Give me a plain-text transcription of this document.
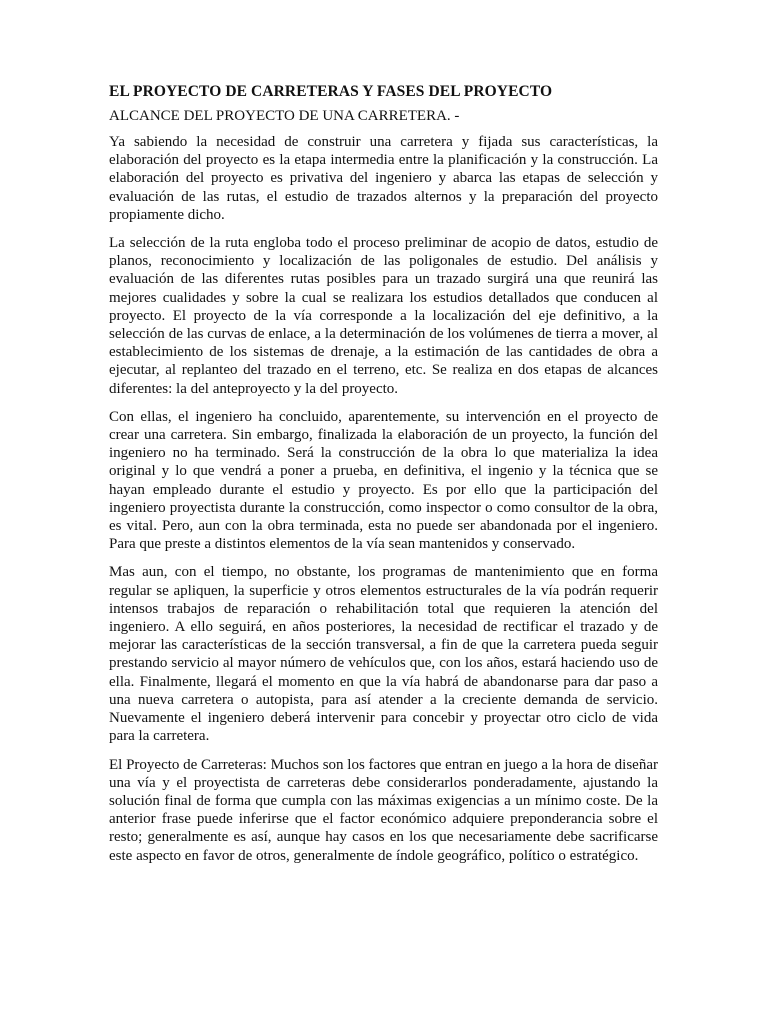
EL PROYECTO DE CARRETERAS Y FASES DEL PROYECTO
ALCANCE DEL PROYECTO DE UNA CARRETERA. -

Ya sabiendo la necesidad de construir una carretera y fijada sus características, la elaboración del proyecto es la etapa intermedia entre la planificación y la construcción. La elaboración del proyecto es privativa del ingeniero y abarca las etapas de selección y evaluación de las rutas, el estudio de trazados alternos y la preparación del proyecto propiamente dicho.

La selección de la ruta engloba todo el proceso preliminar de acopio de datos, estudio de planos, reconocimiento y localización de las poligonales de estudio. Del análisis y evaluación de las diferentes rutas posibles para un trazado surgirá una que reunirá las mejores cualidades y sobre la cual se realizara los estudios detallados que conducen al proyecto. El proyecto de la vía corresponde a la localización del eje definitivo, a la selección de las curvas de enlace, a la determinación de los volúmenes de tierra a mover, al establecimiento de los sistemas de drenaje, a la estimación de las cantidades de obra a ejecutar, al replanteo del trazado en el terreno, etc. Se realiza en dos etapas de alcances diferentes: la del anteproyecto y la del proyecto.

Con ellas, el ingeniero ha concluido, aparentemente, su intervención en el proyecto de crear una carretera. Sin embargo, finalizada la elaboración de un proyecto, la función del ingeniero no ha terminado. Será la construcción de la obra lo que materializa la idea original y lo que vendrá a poner a prueba, en definitiva, el ingenio y la técnica que se hayan empleado durante el estudio y proyecto. Es por ello que la participación del ingeniero proyectista durante la construcción, como inspector o como consultor de la obra, es vital. Pero, aun con la obra terminada, esta no puede ser abandonada por el ingeniero. Para que preste a distintos elementos de la vía sean mantenidos y conservado.

Mas aun, con el tiempo, no obstante, los programas de mantenimiento que en forma regular se apliquen, la superficie y otros elementos estructurales de la vía podrán requerir intensos trabajos de reparación o rehabilitación total que requieren la atención del ingeniero. A ello seguirá, en años posteriores, la necesidad de rectificar el trazado y de mejorar las características de la sección transversal, a fin de que la carretera pueda seguir prestando servicio al mayor número de vehículos que, con los años, estará haciendo uso de ella. Finalmente, llegará el momento en que la vía habrá de abandonarse para dar paso a una nueva carretera o autopista, para así atender a la creciente demanda de servicio. Nuevamente el ingeniero deberá intervenir para concebir y proyectar otro ciclo de vida para la carretera.

El Proyecto de Carreteras: Muchos son los factores que entran en juego a la hora de diseñar una vía y el proyectista de carreteras debe considerarlos ponderadamente, ajustando la solución final de forma que cumpla con las máximas exigencias a un mínimo coste. De la anterior frase puede inferirse que el factor económico adquiere preponderancia sobre el resto; generalmente es así, aunque hay casos en los que necesariamente debe sacrificarse este aspecto en favor de otros, generalmente de índole geográfico, político o estratégico.
